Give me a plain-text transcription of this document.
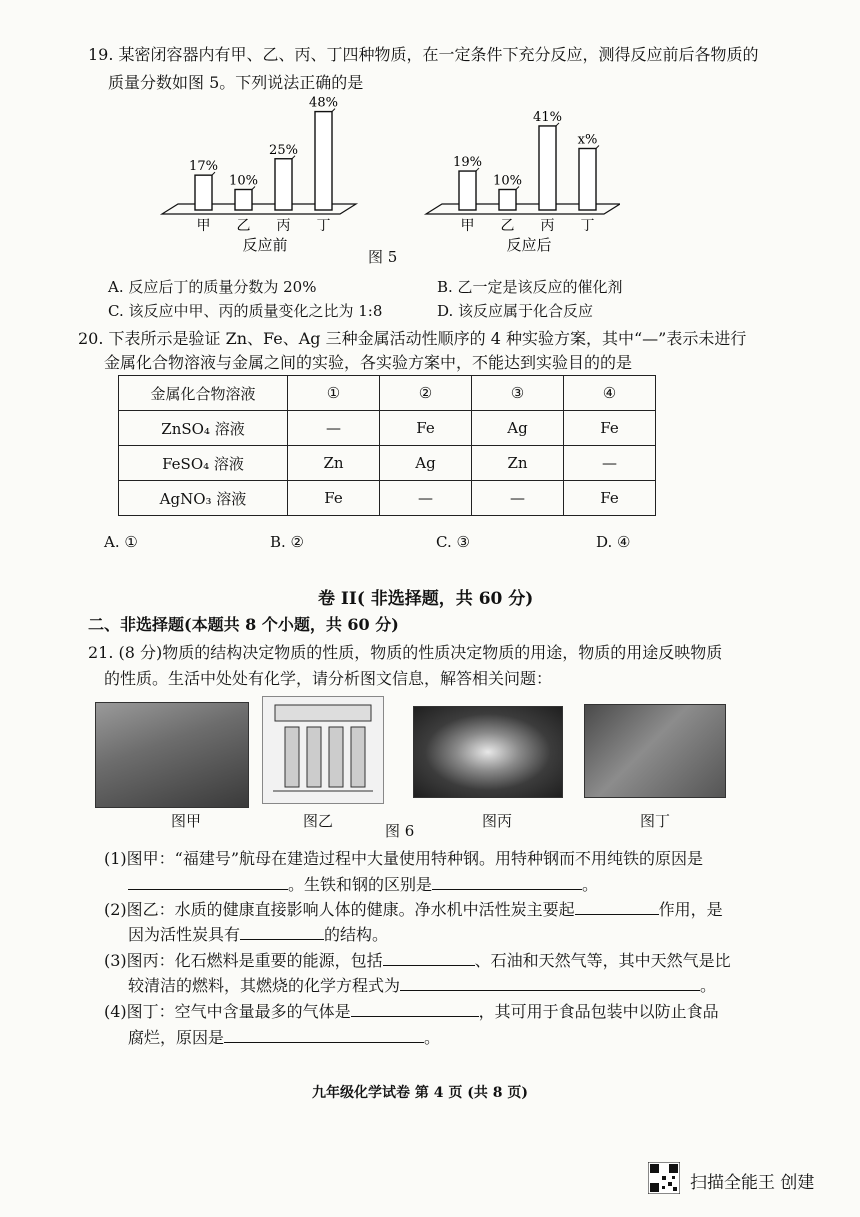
19. 某密闭容器内有甲、乙、丙、丁四种物质，在一定条件下充分反应，测得反应前后各物质的
质量分数如图 5。下列说法正确的是
17%
甲
10%
乙
25%
丙
48%
丁
反应前
19%
甲
10%
乙
41%
丙
x%
丁
反应后
图 5
A. 反应后丁的质量分数为 20%	B. 乙一定是该反应的催化剂
C. 该反应中甲、丙的质量变化之比为 1:8	D. 该反应属于化合反应
20. 下表所示是验证 Zn、Fe、Ag 三种金属活动性顺序的 4 种实验方案，其中“—”表示未进行
金属化合物溶液与金属之间的实验，各实验方案中，不能达到实验目的的是
金属化合物溶液	①	②	③	④
ZnSO₄ 溶液	—	Fe	Ag	Fe
FeSO₄ 溶液	Zn	Ag	Zn	—
AgNO₃ 溶液	Fe	—	—	Fe
A. ①	B. ②	C. ③	D. ④
卷 II( 非选择题，共 60 分)
二、非选择题(本题共 8 个小题，共 60 分)
21. (8 分)物质的结构决定物质的性质，物质的性质决定物质的用途，物质的用途反映物质
的性质。生活中处处有化学，请分析图文信息，解答相关问题：
图甲	图乙
图 6
图丙	图丁
(1)图甲：“福建号”航母在建造过程中大量使用特种钢。用特种钢而不用纯铁的原因是
。生铁和钢的区别是	。
(2)图乙：水质的健康直接影响人体的健康。净水机中活性炭主要起	作用，是
因为活性炭具有	的结构。
(3)图丙：化石燃料是重要的能源，包括	、石油和天然气等，其中天然气是比
较清洁的燃料，其燃烧的化学方程式为	。
(4)图丁：空气中含量最多的气体是	，其可用于食品包装中以防止食品
腐烂，原因是	。
九年级化学试卷 第 4 页 (共 8 页)
扫描全能王 创建
